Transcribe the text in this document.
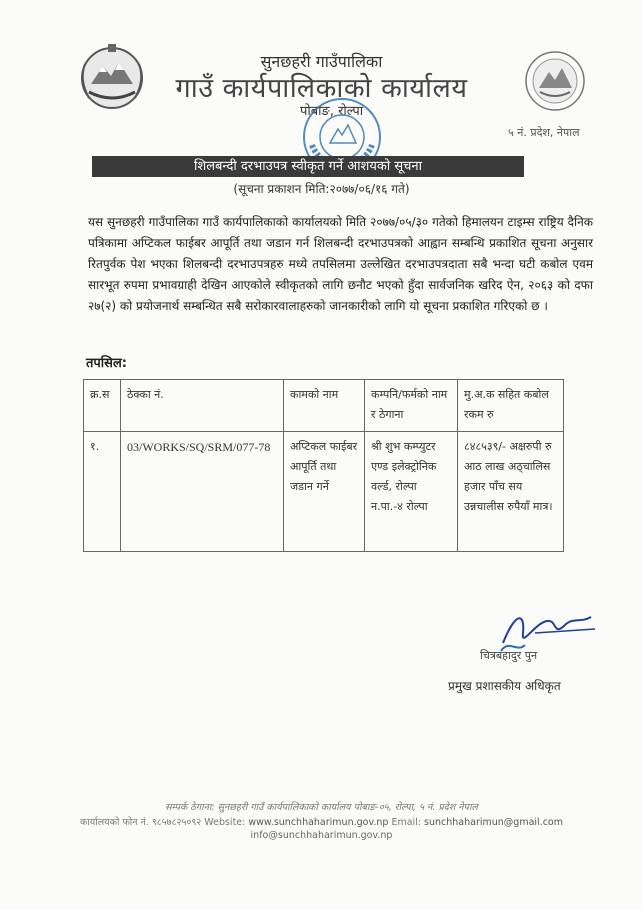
सुनछहरी गाउँपालिका
गाउँ कार्यपालिकाको कार्यालय
पोबाङ, रोल्पा
५ नं. प्रदेश, नेपाल
शिलबन्दी दरभाउपत्र स्वीकृत गर्ने आशयको सूचना
(सूचना प्रकाशन मिति:२०७७/०६/१६ गते)
यस सुनछहरी गाउँपालिका गाउँ कार्यपालिकाको कार्यालयको मिति २०७७/०५/३० गतेको हिमालयन टाइम्स राष्ट्रिय दैनिक पत्रिकामा अप्टिकल फाईबर आपूर्ति तथा जडान गर्न शिलबन्दी दरभाउपत्रको आह्वान सम्बन्धि प्रकाशित सूचना अनुसार रितपुर्वक पेश भएका शिलबन्दी दरभाउपत्रहरु मध्ये तपसिलमा उल्लेखित दरभाउपत्रदाता सबै भन्दा घटी कबोल एवम सारभूत रुपमा प्रभावग्राही देखिन आएकोले स्वीकृतको लागि छनौट भएको हुँदा सार्वजनिक खरिद ऐन, २०६३ को दफा २७(२) को प्रयोजनार्थ सम्बन्धित सबै सरोकारवालाहरुको जानकारीको लागि यो सूचना प्रकाशित गरिएको छ ।
तपसिल:
क्र.स	ठेक्का नं.	कामको नाम	कम्पनि/फर्मको नाम र ठेगाना	मु.अ.क सहित कबोल रकम रु
१.	03/WORKS/SQ/SRM/077-78	अप्टिकल फाईबर आपूर्ति तथा जडान गर्ने	श्री शुभ कम्प्युटर एण्ड इलेक्ट्रोनिक वर्ल्ड, रोल्पा न.पा.-४ रोल्पा	८४८५३९/- अक्षरुपी रु आठ लाख अठ्चालिस हजार पाँच सय उन्नचालीस रुपैयाँ मात्र।
चित्रबहादुर पुन
प्रमुख प्रशासकीय अधिकृत
सम्पर्क ठेगाना: सुनछहरी गाउँ कार्यपालिकाको कार्यालय पोबाङ-०५, रोल्पा, ५ नं. प्रदेश नेपाल
कार्यालयको फोन नं. ९८५७८२५०९२ Website: www.sunchhaharimun.gov.np Email: sunchhaharimun@gmail.com
info@sunchhaharimun.gov.np
